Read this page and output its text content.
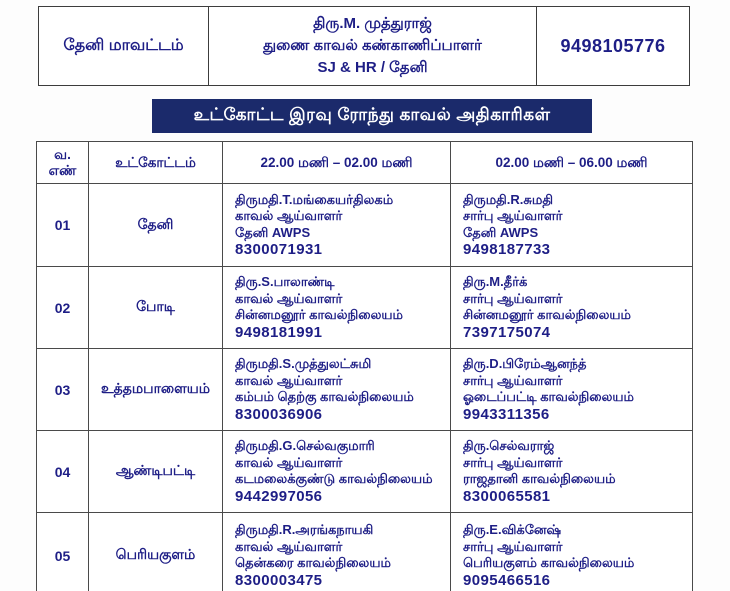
தேனி மாவட்டம்
திரு.M. முத்துராஜ்
துணை காவல் கண்காணிப்பாளர்
SJ & HR / தேனி
9498105776
உட்கோட்ட இரவு ரோந்து காவல் அதிகாரிகள்
வ.
எண்	உட்கோட்டம்	22.00 மணி – 02.00 மணி	02.00 மணி – 06.00 மணி
01	தேனி	
திருமதி.T.மங்கையர்திலகம்
காவல் ஆய்வாளர்
தேனி AWPS
8300071931

திருமதி.R.சுமதி
சார்பு ஆய்வாளர்
தேனி AWPS
9498187733

02	போடி	
திரு.S.பாலாண்டி
காவல் ஆய்வாளர்
சின்னமனூர் காவல்நிலையம்
9498181991

திரு.M.தீர்க்
சார்பு ஆய்வாளர்
சின்னமனூர் காவல்நிலையம்
7397175074

03	உத்தமபாளையம்	
திருமதி.S.முத்துலட்சுமி
காவல் ஆய்வாளர்
கம்பம் தெற்கு காவல்நிலையம்
8300036906

திரு.D.பிரேம்ஆனந்த்
சார்பு ஆய்வாளர்
ஓடைப்பட்டி காவல்நிலையம்
9943311356

04	ஆண்டிபட்டி	
திருமதி.G.செல்வகுமாரி
காவல் ஆய்வாளர்
கடமலைக்குண்டு காவல்நிலையம்
9442997056

திரு.செல்வராஜ்
சார்பு ஆய்வாளர்
ராஜதானி காவல்நிலையம்
8300065581

05	பெரியகுளம்	
திருமதி.R.அரங்கநாயகி
காவல் ஆய்வாளர்
தென்கரை காவல்நிலையம்
8300003475

திரு.E.விக்னேஷ்
சார்பு ஆய்வாளர்
பெரியகுளம் காவல்நிலையம்
9095466516
